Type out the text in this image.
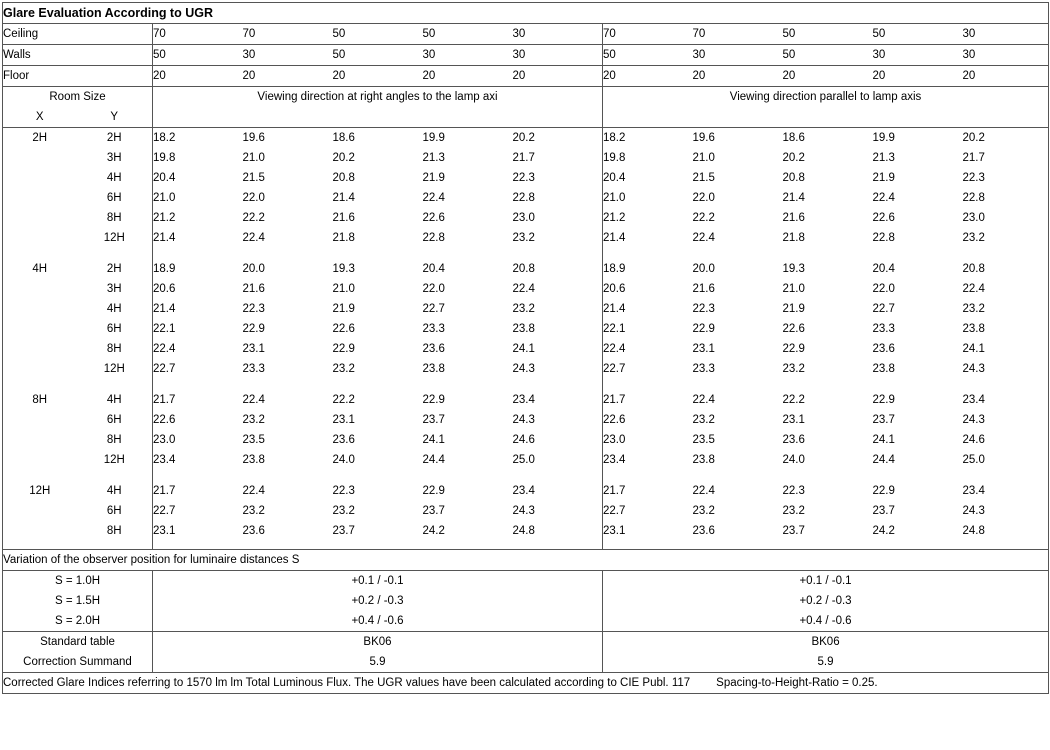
Glare Evaluation According to UGR											
Ceiling		70	70	50	50	30	70	70	50	50	30
Walls		50	30	50	30	30	50	30	50	30	30
Floor		20	20	20	20	20	20	20	20	20	20
Room Size		Viewing direction at right angles to the lamp axi					Viewing direction parallel to lamp axis				
X	Y										
2H	2H	18.2	19.6	18.6	19.9	20.2	18.2	19.6	18.6	19.9	20.2
	3H	19.8	21.0	20.2	21.3	21.7	19.8	21.0	20.2	21.3	21.7
	4H	20.4	21.5	20.8	21.9	22.3	20.4	21.5	20.8	21.9	22.3
	6H	21.0	22.0	21.4	22.4	22.8	21.0	22.0	21.4	22.4	22.8
	8H	21.2	22.2	21.6	22.6	23.0	21.2	22.2	21.6	22.6	23.0
	12H	21.4	22.4	21.8	22.8	23.2	21.4	22.4	21.8	22.8	23.2

4H	2H	18.9	20.0	19.3	20.4	20.8	18.9	20.0	19.3	20.4	20.8
	3H	20.6	21.6	21.0	22.0	22.4	20.6	21.6	21.0	22.0	22.4
	4H	21.4	22.3	21.9	22.7	23.2	21.4	22.3	21.9	22.7	23.2
	6H	22.1	22.9	22.6	23.3	23.8	22.1	22.9	22.6	23.3	23.8
	8H	22.4	23.1	22.9	23.6	24.1	22.4	23.1	22.9	23.6	24.1
	12H	22.7	23.3	23.2	23.8	24.3	22.7	23.3	23.2	23.8	24.3

8H	4H	21.7	22.4	22.2	22.9	23.4	21.7	22.4	22.2	22.9	23.4
	6H	22.6	23.2	23.1	23.7	24.3	22.6	23.2	23.1	23.7	24.3
	8H	23.0	23.5	23.6	24.1	24.6	23.0	23.5	23.6	24.1	24.6
	12H	23.4	23.8	24.0	24.4	25.0	23.4	23.8	24.0	24.4	25.0

12H	4H	21.7	22.4	22.3	22.9	23.4	21.7	22.4	22.3	22.9	23.4
	6H	22.7	23.2	23.2	23.7	24.3	22.7	23.2	23.2	23.7	24.3
	8H	23.1	23.6	23.7	24.2	24.8	23.1	23.6	23.7	24.2	24.8

Variation of the observer position for luminaire distances S											
S = 1.0H		+0.1 / -0.1					+0.1 / -0.1				
S = 1.5H		+0.2 / -0.3					+0.2 / -0.3				
S = 2.0H		+0.4 / -0.6					+0.4 / -0.6				
Standard table		BK06					BK06				
Correction Summand		5.9					5.9				
Corrected Glare Indices referring to 1570 lm lm Total Luminous Flux. The UGR values have been calculated according to CIE Publ. 117 Spacing-to-Height-Ratio = 0.25.											
